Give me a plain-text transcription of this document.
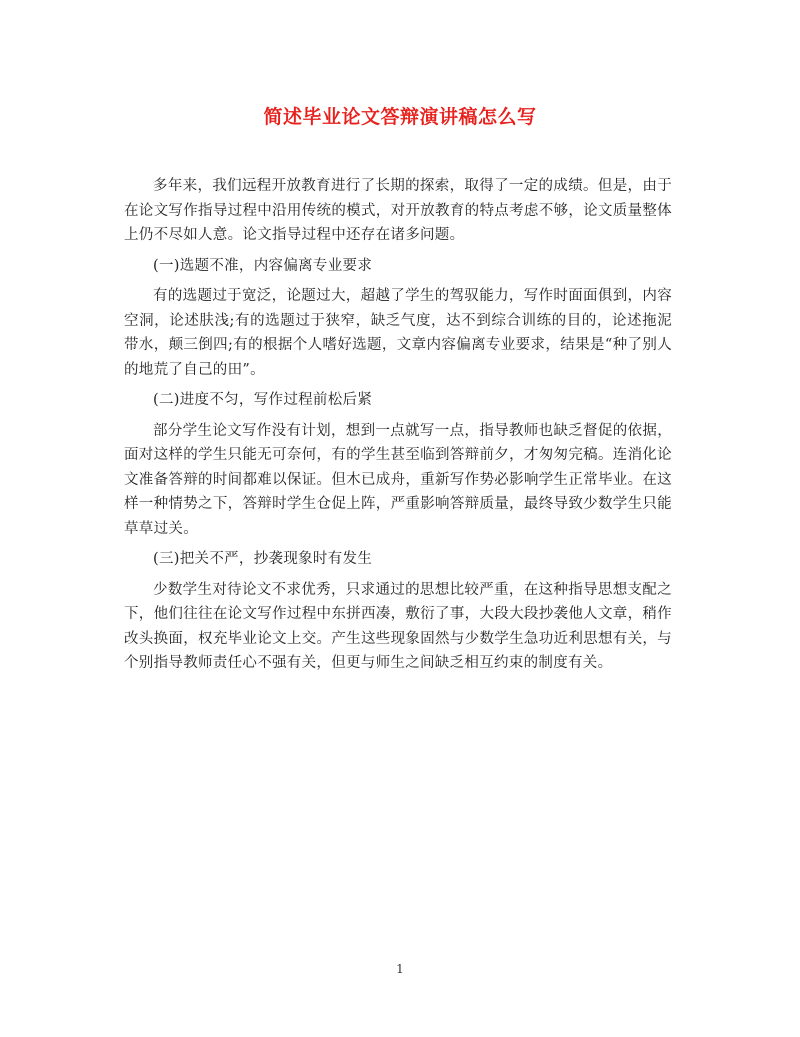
简述毕业论文答辩演讲稿怎么写

多年来，我们远程开放教育进行了长期的探索，取得了一定的成绩。但是，由于在论文写作指导过程中沿用传统的模式，对开放教育的特点考虑不够，论文质量整体上仍不尽如人意。论文指导过程中还存在诸多问题。

(一)选题不准，内容偏离专业要求

有的选题过于宽泛，论题过大，超越了学生的驾驭能力，写作时面面俱到，内容空洞，论述肤浅;有的选题过于狭窄，缺乏气度，达不到综合训练的目的，论述拖泥带水，颠三倒四;有的根据个人嗜好选题，文章内容偏离专业要求，结果是“种了别人的地荒了自己的田”。

(二)进度不匀，写作过程前松后紧

部分学生论文写作没有计划，想到一点就写一点，指导教师也缺乏督促的依据，面对这样的学生只能无可奈何，有的学生甚至临到答辩前夕，才匆匆完稿。连消化论文准备答辩的时间都难以保证。但木已成舟，重新写作势必影响学生正常毕业。在这样一种情势之下，答辩时学生仓促上阵，严重影响答辩质量，最终导致少数学生只能草草过关。

(三)把关不严，抄袭现象时有发生

少数学生对待论文不求优秀，只求通过的思想比较严重，在这种指导思想支配之下，他们往往在论文写作过程中东拼西凑，敷衍了事，大段大段抄袭他人文章，稍作改头换面，权充毕业论文上交。产生这些现象固然与少数学生急功近利思想有关，与个别指导教师责任心不强有关，但更与师生之间缺乏相互约束的制度有关。

1
